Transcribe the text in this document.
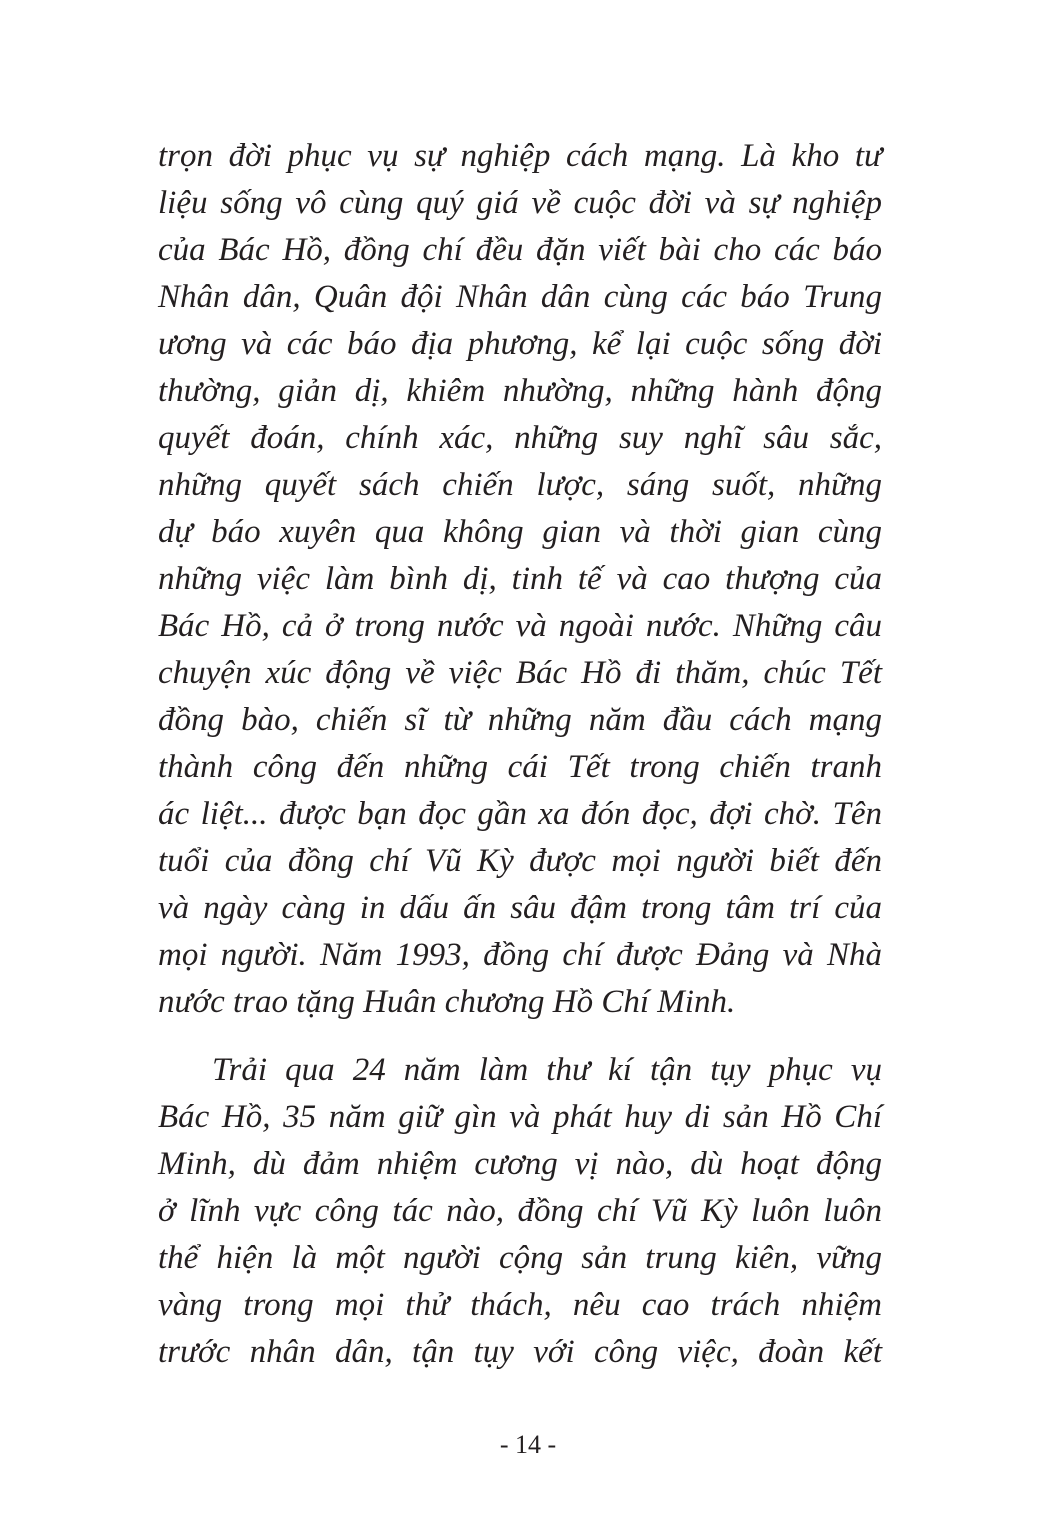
trọn đời phục vụ sự nghiệp cách mạng. Là kho tư
liệu sống vô cùng quý giá về cuộc đời và sự nghiệp
của Bác Hồ, đồng chí đều đặn viết bài cho các báo
Nhân dân, Quân đội Nhân dân cùng các báo Trung
ương và các báo địa phương, kể lại cuộc sống đời
thường, giản dị, khiêm nhường, những hành động
quyết đoán, chính xác, những suy nghĩ sâu sắc,
những quyết sách chiến lược, sáng suốt, những
dự báo xuyên qua không gian và thời gian cùng
những việc làm bình dị, tinh tế và cao thượng của
Bác Hồ, cả ở trong nước và ngoài nước. Những câu
chuyện xúc động về việc Bác Hồ đi thăm, chúc Tết
đồng bào, chiến sĩ từ những năm đầu cách mạng
thành công đến những cái Tết trong chiến tranh
ác liệt... được bạn đọc gần xa đón đọc, đợi chờ. Tên
tuổi của đồng chí Vũ Kỳ được mọi người biết đến
và ngày càng in dấu ấn sâu đậm trong tâm trí của
mọi người. Năm 1993, đồng chí được Đảng và Nhà
nước trao tặng Huân chương Hồ Chí Minh.
Trải qua 24 năm làm thư kí tận tụy phục vụ
Bác Hồ, 35 năm giữ gìn và phát huy di sản Hồ Chí
Minh, dù đảm nhiệm cương vị nào, dù hoạt động
ở lĩnh vực công tác nào, đồng chí Vũ Kỳ luôn luôn
thể hiện là một người cộng sản trung kiên, vững
vàng trong mọi thử thách, nêu cao trách nhiệm
trước nhân dân, tận tụy với công việc, đoàn kết
- 14 -
